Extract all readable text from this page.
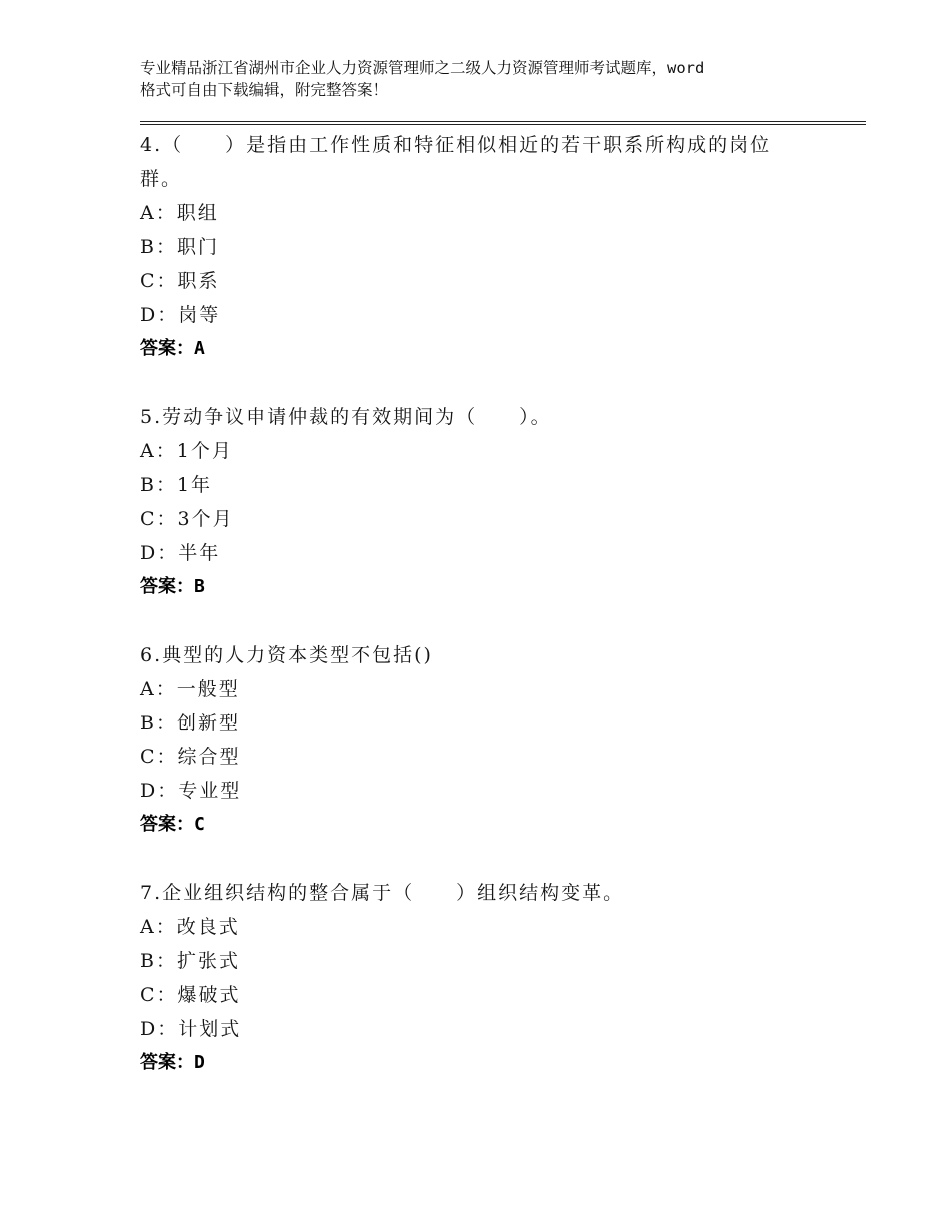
专业精品浙江省湖州市企业人力资源管理师之二级人力资源管理师考试题库，word
格式可自由下载编辑，附完整答案！

4.（　　）是指由工作性质和特征相似相近的若干职系所构成的岗位

群。

A：职组

B：职门

C：职系

D：岗等

答案：A

5.劳动争议申请仲裁的有效期间为（　　）。

A：1个月

B：1年

C：3个月

D：半年

答案：B

6.典型的人力资本类型不包括()

A：一般型

B：创新型

C：综合型

D：专业型

答案：C

7.企业组织结构的整合属于（　　）组织结构变革。

A：改良式

B：扩张式

C：爆破式

D：计划式

答案：D
